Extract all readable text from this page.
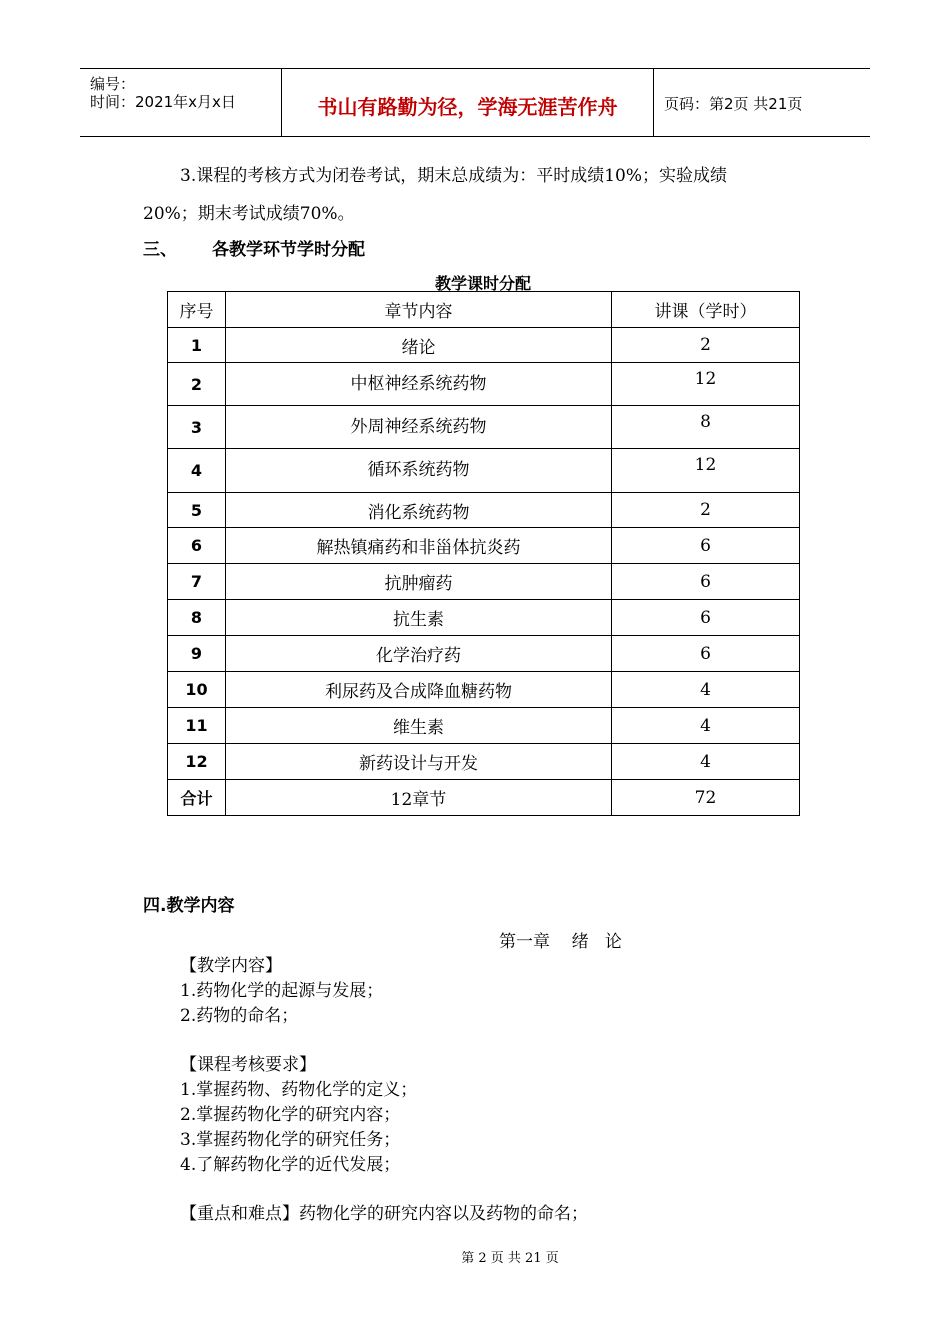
编号：
时间：2021年x月x日	书山有路勤为径，学海无涯苦作舟	页码：第2页 共21页
3.课程的考核方式为闭卷考试，期末总成绩为：平时成绩10%；实验成绩
20%；期末考试成绩70%。
三、 各教学环节学时分配
教学课时分配
序号	章节内容	讲课（学时）
1	绪论	2
2	中枢神经系统药物	12
3	外周神经系统药物	8
4	循环系统药物	12
5	消化系统药物	2
6	解热镇痛药和非甾体抗炎药	6
7	抗肿瘤药	6
8	抗生素	6
9	化学治疗药	6
10	利尿药及合成降血糖药物	4
11	维生素	4
12	新药设计与开发	4
合计	12章节	72
四.教学内容
第一章    绪   论
【教学内容】
1.药物化学的起源与发展；
2.药物的命名；
【课程考核要求】
1.掌握药物、药物化学的定义；
2.掌握药物化学的研究内容；
3.掌握药物化学的研究任务；
4.了解药物化学的近代发展；
【重点和难点】药物化学的研究内容以及药物的命名；
第 2 页 共 21 页
